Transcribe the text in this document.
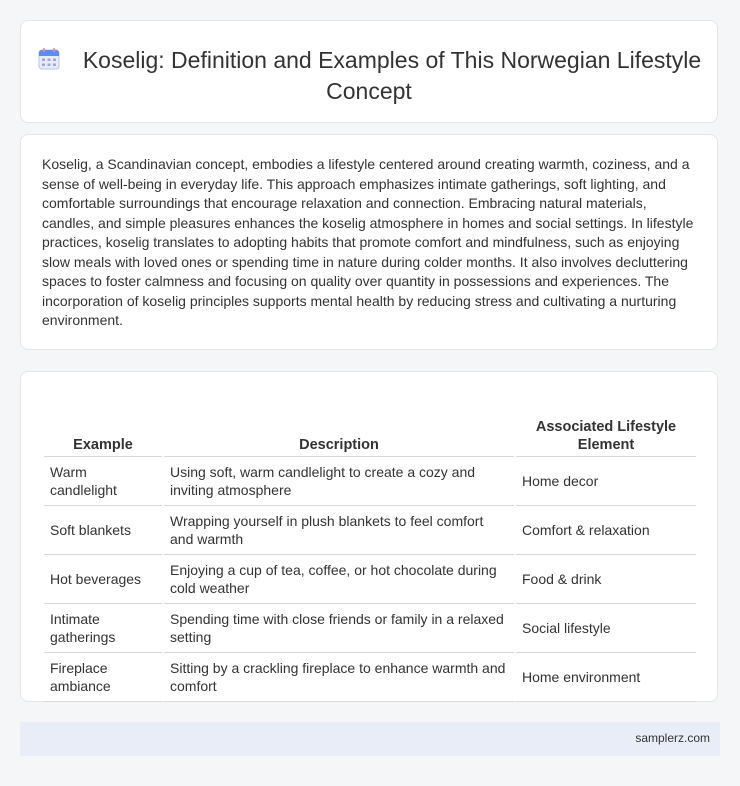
Koselig: Definition and Examples of This Norwegian Lifestyle Concept

Koselig, a Scandinavian concept, embodies a lifestyle centered around creating warmth, coziness, and a sense of well-being in everyday life. This approach emphasizes intimate gatherings, soft lighting, and comfortable surroundings that encourage relaxation and connection. Embracing natural materials, candles, and simple pleasures enhances the koselig atmosphere in homes and social settings. In lifestyle practices, koselig translates to adopting habits that promote comfort and mindfulness, such as enjoying slow meals with loved ones or spending time in nature during colder months. It also involves decluttering spaces to foster calmness and focusing on quality over quantity in possessions and experiences. The incorporation of koselig principles supports mental health by reducing stress and cultivating a nurturing environment.

Example	Description	Associated Lifestyle Element
Warm candlelight	Using soft, warm candlelight to create a cozy and inviting atmosphere	Home decor
Soft blankets	Wrapping yourself in plush blankets to feel comfort and warmth	Comfort & relaxation
Hot beverages	Enjoying a cup of tea, coffee, or hot chocolate during cold weather	Food & drink
Intimate gatherings	Spending time with close friends or family in a relaxed setting	Social lifestyle
Fireplace ambiance	Sitting by a crackling fireplace to enhance warmth and comfort	Home environment
samplerz.com
